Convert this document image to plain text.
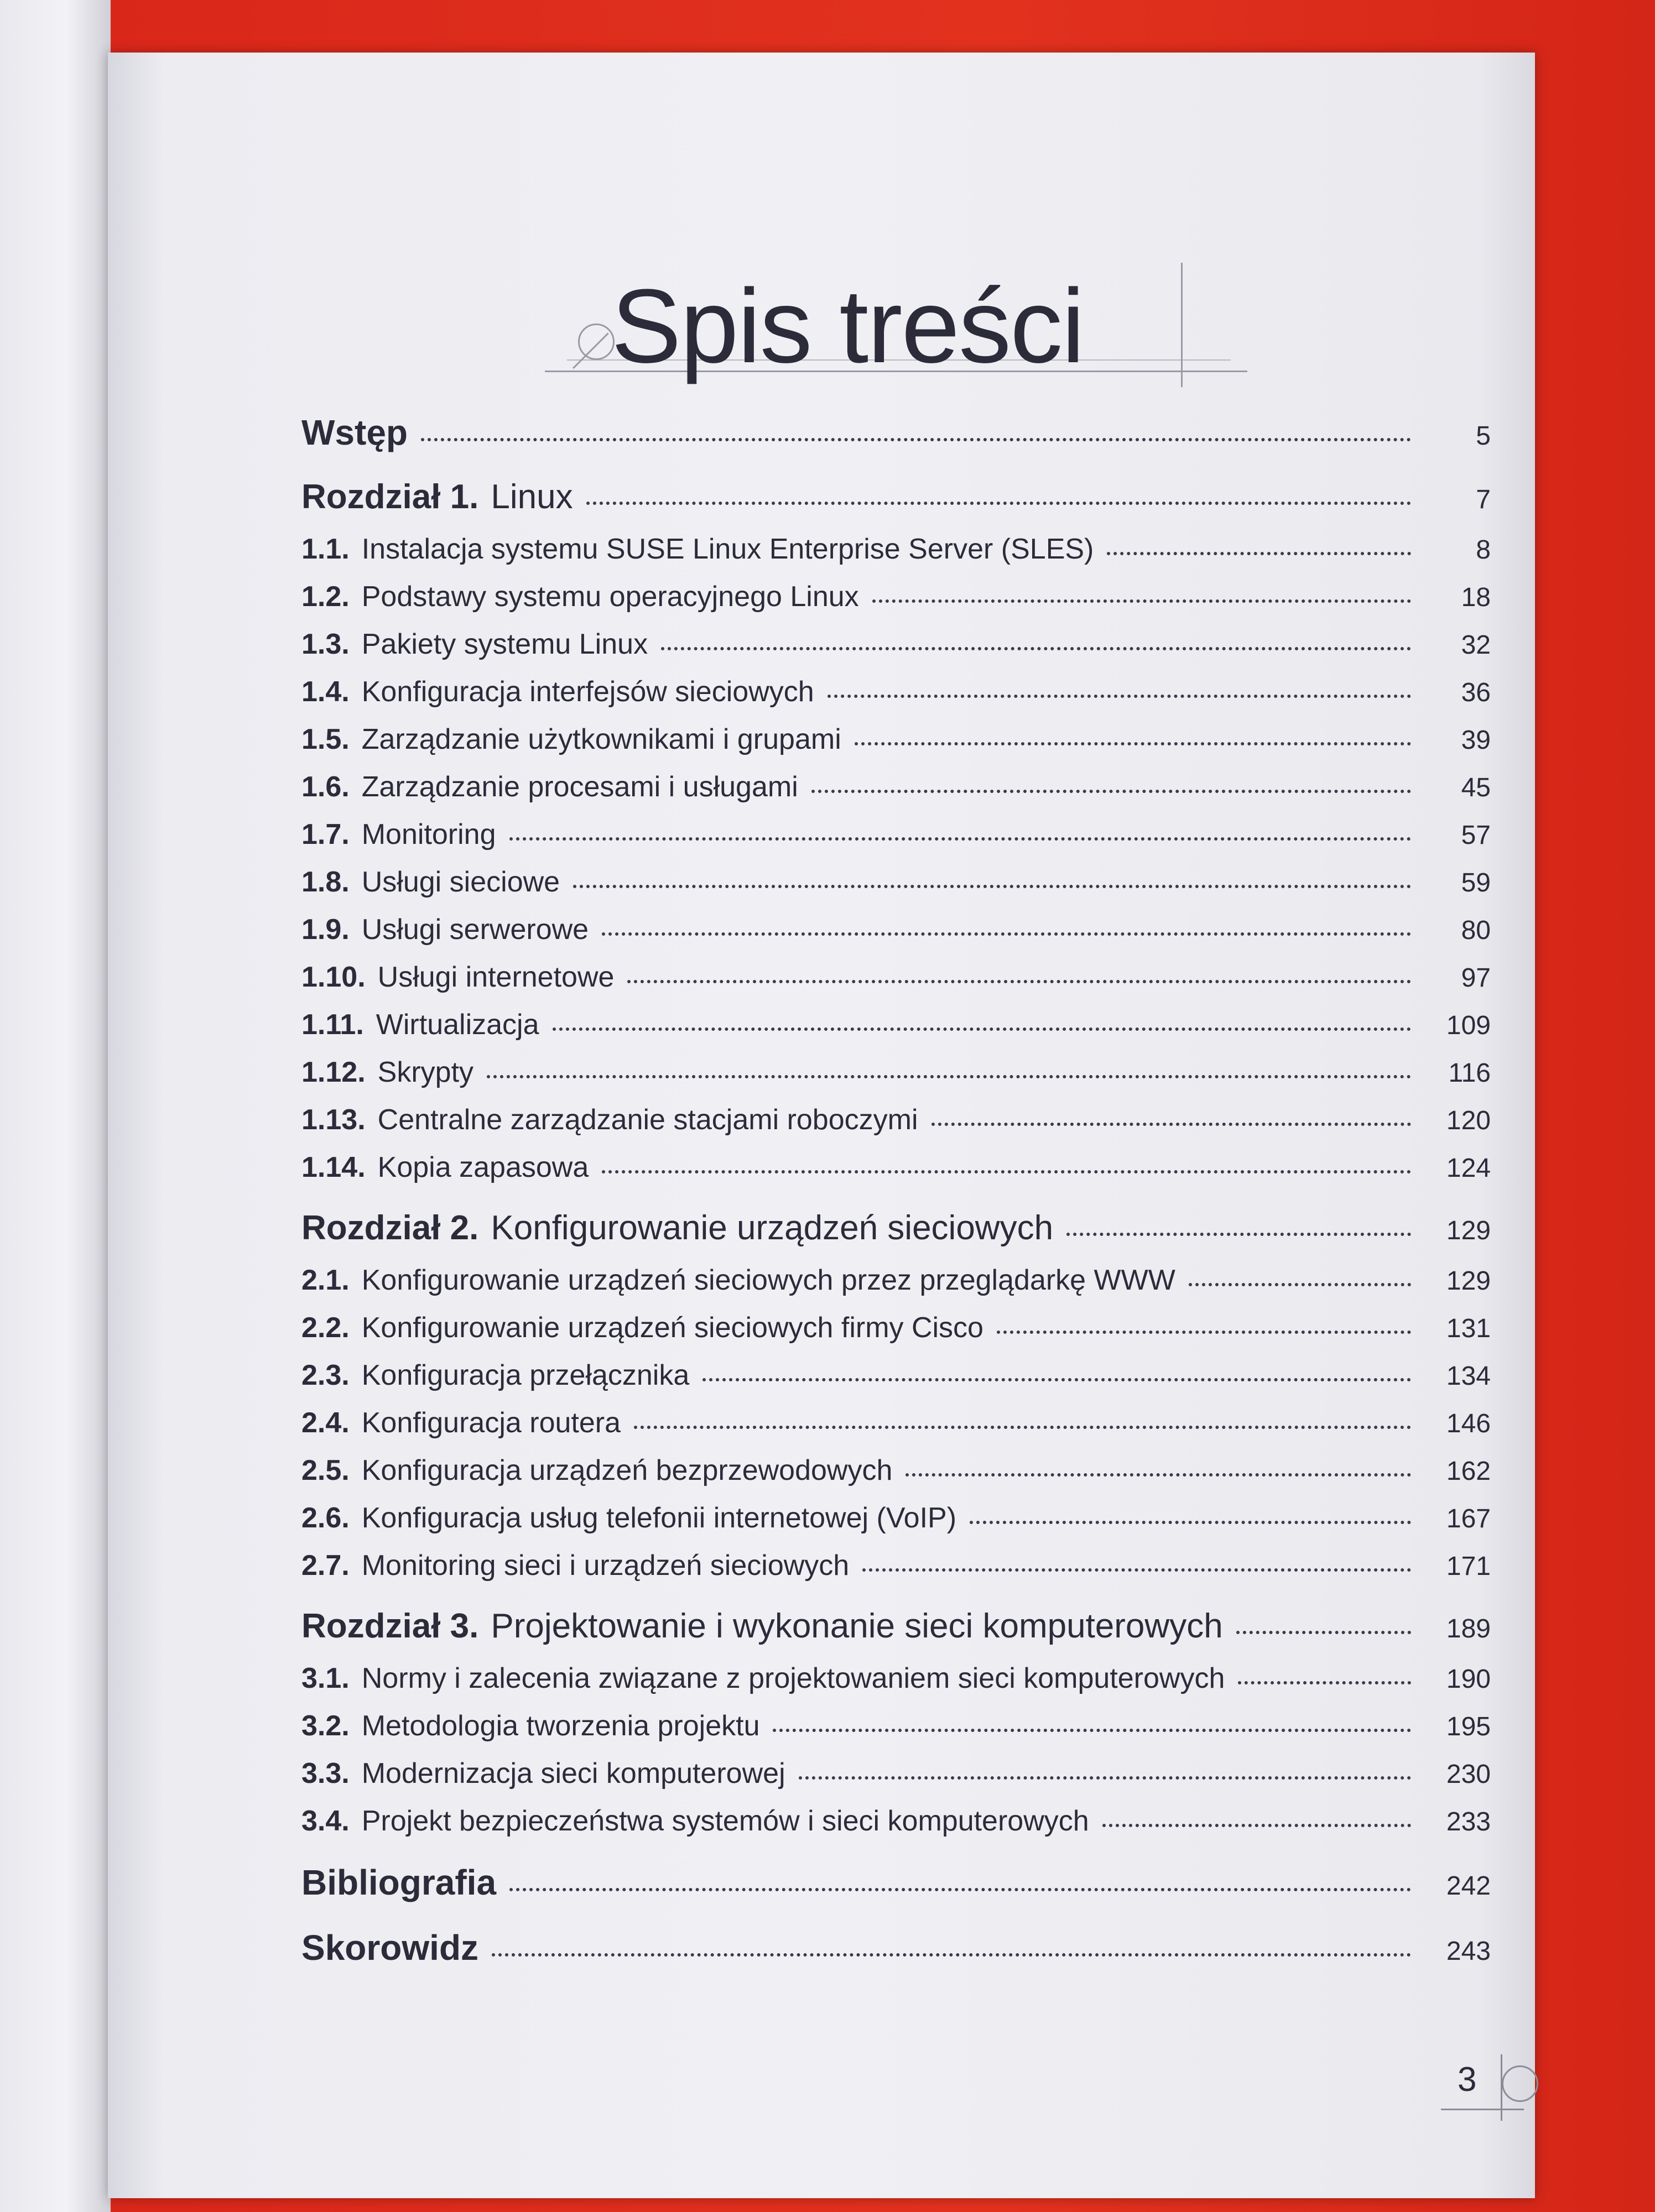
Spis treści
Wstęp	5
Rozdział 1. Linux	7
1.1. Instalacja systemu SUSE Linux Enterprise Server (SLES)	8
1.2. Podstawy systemu operacyjnego Linux	18
1.3. Pakiety systemu Linux	32
1.4. Konfiguracja interfejsów sieciowych	36
1.5. Zarządzanie użytkownikami i grupami	39
1.6. Zarządzanie procesami i usługami	45
1.7. Monitoring	57
1.8. Usługi sieciowe	59
1.9. Usługi serwerowe	80
1.10. Usługi internetowe	97
1.11. Wirtualizacja	109
1.12. Skrypty	116
1.13. Centralne zarządzanie stacjami roboczymi	120
1.14. Kopia zapasowa	124
Rozdział 2. Konfigurowanie urządzeń sieciowych	129
2.1. Konfigurowanie urządzeń sieciowych przez przeglądarkę WWW	129
2.2. Konfigurowanie urządzeń sieciowych firmy Cisco	131
2.3. Konfiguracja przełącznika	134
2.4. Konfiguracja routera	146
2.5. Konfiguracja urządzeń bezprzewodowych	162
2.6. Konfiguracja usług telefonii internetowej (VoIP)	167
2.7. Monitoring sieci i urządzeń sieciowych	171
Rozdział 3. Projektowanie i wykonanie sieci komputerowych	189
3.1. Normy i zalecenia związane z projektowaniem sieci komputerowych	190
3.2. Metodologia tworzenia projektu	195
3.3. Modernizacja sieci komputerowej	230
3.4. Projekt bezpieczeństwa systemów i sieci komputerowych	233
Bibliografia	242
Skorowidz	243
3
